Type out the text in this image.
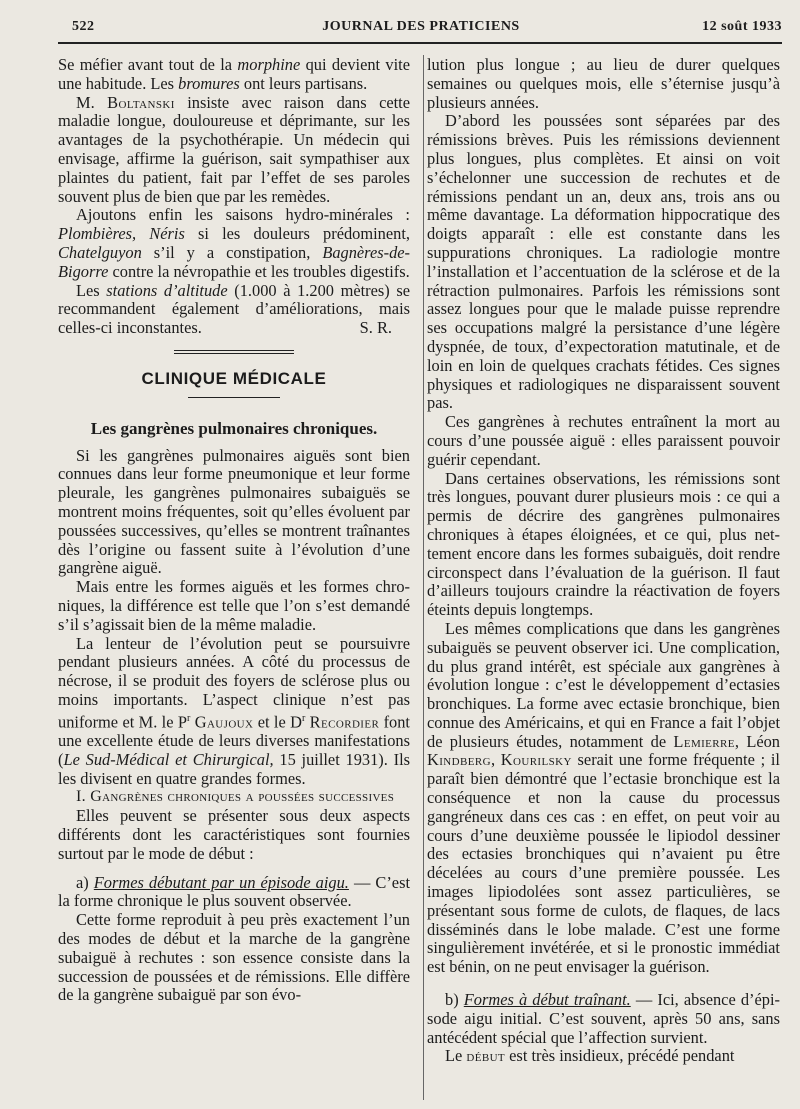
522	JOURNAL DES PRATICIENS	12 soût 1933

Se méfier avant tout de la morphine qui devient vite une habitude. Les bromures ont leurs partisans.

M. Boltanski insiste avec raison dans cette maladie longue, douloureuse et déprimante, sur les avantages de la psychothérapie. Un médecin qui envisage, affirme la guérison, sait sympathiser aux plaintes du patient, fait par l’effet de ses paroles souvent plus de bien que par les remèdes.

Ajoutons enfin les saisons hydro-minérales : Plombières, Néris si les douleurs prédominent, Chatelguyon s’il y a constipation, Bagnères-de-Bigorre contre la névropathie et les troubles digestifs.

Les stations d’altitude (1.000 à 1.200 mètres) se recommandent également d’améliorations, mais celles-ci inconstantes.	S. R.
CLINIQUE MÉDICALE
Les gangrènes pulmonaires chroniques.

Si les gangrènes pulmonaires aiguës sont bien connues dans leur forme pneumonique et leur forme pleurale, les gangrènes pulmonaires subaiguës se montrent moins fréquentes, soit qu’elles évoluent par poussées successives, qu’elles se montrent traînantes dès l’origine ou fassent suite à l’évolution d’une gangrène aiguë.

Mais entre les formes aiguës et les formes chroniques, la différence est telle que l’on s’est demandé s’il s’agissait bien de la même maladie.

La lenteur de l’évolution peut se poursuivre pendant plusieurs années. A côté du processus de nécrose, il se produit des foyers de sclérose plus ou moins importants. L’aspect clinique n’est pas uniforme et M. le $P^r$ Gaujoux et le $D^r$ Recordier font une excellente étude de leurs diverses manifestations (Le Sud-Médical et Chirurgical, 15 juillet 1931). Ils les divisent en quatre grandes formes.

I. Gangrènes chroniques a poussées successives

Elles peuvent se présenter sous deux aspects différents dont les caractéristiques sont fournies surtout par le mode de début :

a) Formes débutant par un épisode aigu. — C’est la forme chronique le plus souvent observée.

Cette forme reproduit à peu près exactement l’un des modes de début et la marche de la gangrène subaiguë à rechutes : son essence consiste dans la succession de poussées et de rémissions. Elle diffère de la gangrène subaiguë par son évo-

lution plus longue ; au lieu de durer quelques semaines ou quelques mois, elle s’éternise jusqu’à plusieurs années.

D’abord les poussées sont séparées par des rémissions brèves. Puis les rémissions deviennent plus longues, plus complètes. Et ainsi on voit s’échelonner une succession de rechutes et de rémissions pendant un an, deux ans, trois ans ou même davantage. La déformation hippocratique des doigts apparaît : elle est constante dans les suppurations chroniques. La radiologie montre l’installation et l’accentuation de la sclérose et de la rétraction pulmonaires. Parfois les rémissions sont assez longues pour que le malade puisse reprendre ses occupations malgré la persistance d’une légère dyspnée, de toux, d’expectoration matutinale, et de loin en loin de quelques crachats fétides. Ces signes physiques et radiologiques ne disparaissent souvent pas.

Ces gangrènes à rechutes entraînent la mort au cours d’une poussée aiguë : elles paraissent pouvoir guérir cependant.

Dans certaines observations, les rémissions sont très longues, pouvant durer plusieurs mois : ce qui a permis de décrire des gangrènes pulmonaires chroniques à étapes éloignées, et ce qui, plus nettement encore dans les formes subaiguës, doit rendre circonspect dans l’évaluation de la guérison. Il faut d’ailleurs toujours craindre la réactivation de foyers éteints depuis longtemps.

Les mêmes complications que dans les gangrènes subaiguës se peuvent observer ici. Une complication, du plus grand intérêt, est spéciale aux gangrènes à évolution longue : c’est le développement d’ectasies bronchiques. La forme avec ectasie bronchique, bien connue des Américains, et qui en France a fait l’objet de plusieurs études, notamment de Lemierre, Léon Kindberg, Kourilsky serait une forme fréquente ; il paraît bien démontré que l’ectasie bronchique est la conséquence et non la cause du processus gangréneux dans ces cas : en effet, on peut voir au cours d’une deuxième poussée le lipiodol dessiner des ectasies bronchiques qui n’avaient pu être décelées au cours d’une première poussée. Les images lipiodolées sont assez particulières, se présentant sous forme de culots, de flaques, de lacs disséminés dans le lobe malade. C’est une forme singulièrement invétérée, et si le pronostic immédiat est bénin, on ne peut envisager la guérison.

b) Formes à début traînant. — Ici, absence d’épisode aigu initial. C’est souvent, après 50 ans, sans antécédent spécial que l’affection survient.

Le début est très insidieux, précédé pendant
